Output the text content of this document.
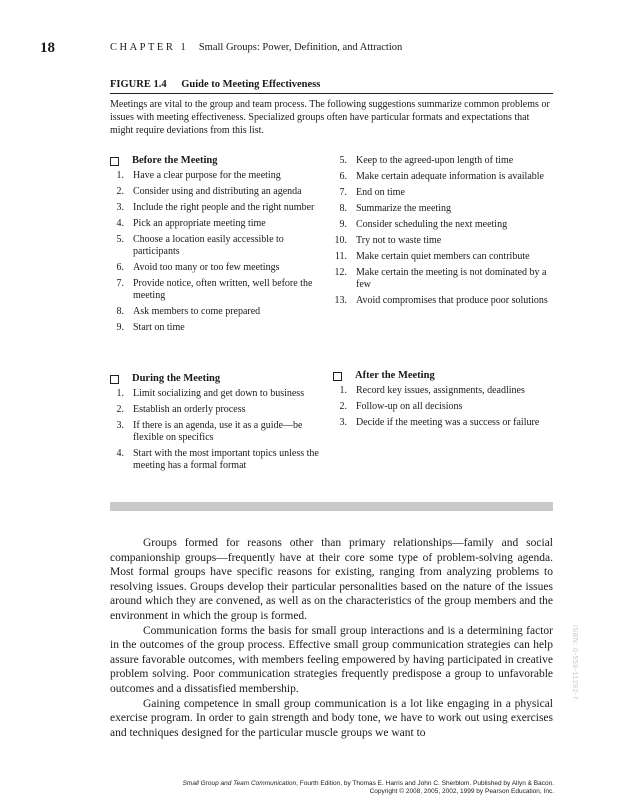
18	CHAPTER 1 Small Groups: Power, Definition, and Attraction
FIGURE 1.4 Guide to Meeting Effectiveness
Meetings are vital to the group and team process. The following suggestions summarize common problems or issues with meeting effectiveness. Specialized groups often have particular formats and expectations that might require deviations from this list.
Before the Meeting
1. Have a clear purpose for the meeting
2. Consider using and distributing an agenda
3. Include the right people and the right number
4. Pick an appropriate meeting time
5. Choose a location easily accessible to participants
6. Avoid too many or too few meetings
7. Provide notice, often written, well before the meeting
8. Ask members to come prepared
9. Start on time
5. Keep to the agreed-upon length of time
6. Make certain adequate information is available
7. End on time
8. Summarize the meeting
9. Consider scheduling the next meeting
10. Try not to waste time
11. Make certain quiet members can contribute
12. Make certain the meeting is not dominated by a few
13. Avoid compromises that produce poor solutions
During the Meeting
1. Limit socializing and get down to business
2. Establish an orderly process
3. If there is an agenda, use it as a guide—be flexible on specifics
4. Start with the most important topics unless the meeting has a formal format
After the Meeting
1. Record key issues, assignments, deadlines
2. Follow-up on all decisions
3. Decide if the meeting was a success or failure

Groups formed for reasons other than primary relationships—family and social companionship groups—frequently have at their core some type of problem-solving agenda. Most formal groups have specific reasons for existing, ranging from analyzing problems to resolving issues. Groups develop their particular personalities based on the nature of the issues around which they are convened, as well as on the characteristics of the group members and the environment in which the group is formed.

Communication forms the basis for small group interactions and is a determining factor in the outcomes of the group process. Effective small group communication strategies can help assure favorable outcomes, with members feeling empowered by having participated in creative problem solving. Poor communication strategies frequently predispose a group to unfavorable outcomes and a dissatisfied membership.

Gaining competence in small group communication is a lot like engaging in a physical exercise program. In order to gain strength and body tone, we have to work out using exercises and techniques designed for the particular muscle groups we want to

ISBN: 0-558-11282-7
Small Group and Team Communication, Fourth Edition, by Thomas E. Harris and John C. Sherblom. Published by Allyn & Bacon.
Copyright © 2008, 2005, 2002, 1999 by Pearson Education, Inc.
